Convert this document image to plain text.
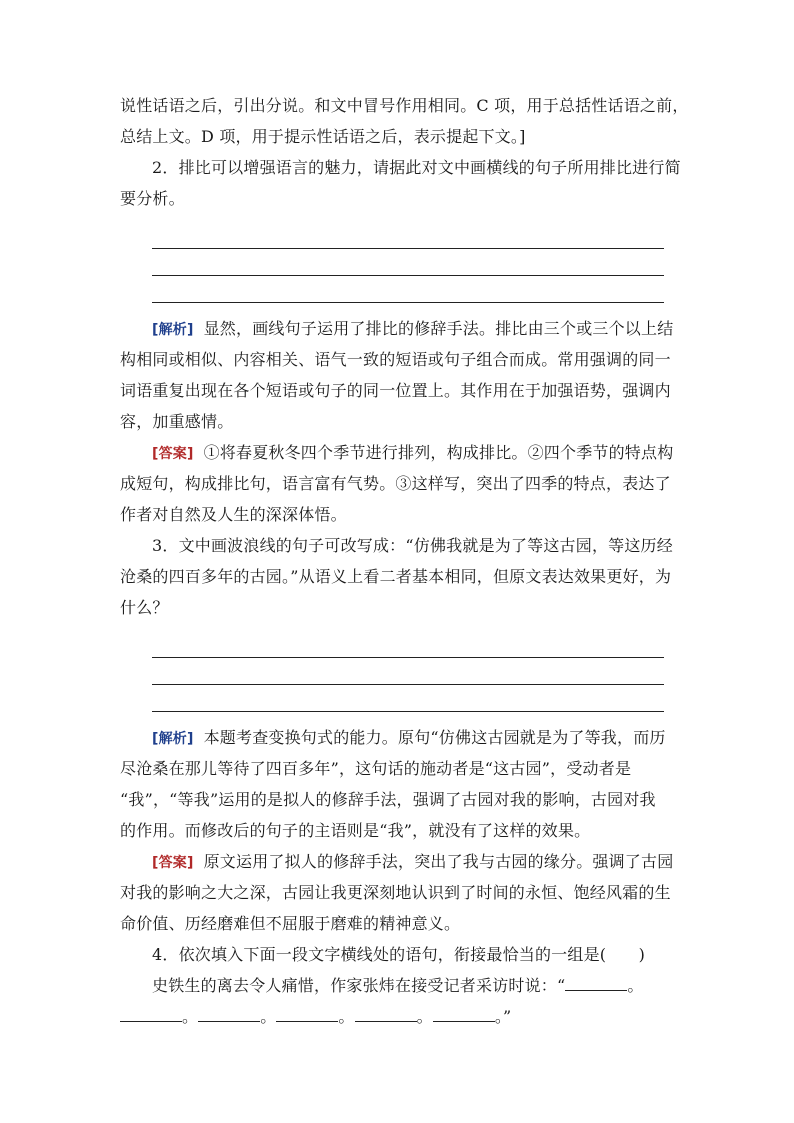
说性话语之后，引出分说。和文中冒号作用相同。C 项，用于总括性话语之前，
总结上文。D 项，用于提示性话语之后，表示提起下文。]
2．排比可以增强语言的魅力，请据此对文中画横线的句子所用排比进行简
要分析。
[解析] 显然，画线句子运用了排比的修辞手法。排比由三个或三个以上结
构相同或相似、内容相关、语气一致的短语或句子组合而成。常用强调的同一
词语重复出现在各个短语或句子的同一位置上。其作用在于加强语势，强调内
容，加重感情。
[答案] ①将春夏秋冬四个季节进行排列，构成排比。②四个季节的特点构
成短句，构成排比句，语言富有气势。③这样写，突出了四季的特点，表达了
作者对自然及人生的深深体悟。
3．文中画波浪线的句子可改写成：“仿佛我就是为了等这古园，等这历经
沧桑的四百多年的古园。”从语义上看二者基本相同，但原文表达效果更好，为
什么？
[解析] 本题考查变换句式的能力。原句“仿佛这古园就是为了等我，而历
尽沧桑在那儿等待了四百多年”，这句话的施动者是“这古园”，受动者是
“我”，“等我”运用的是拟人的修辞手法，强调了古园对我的影响，古园对我
的作用。而修改后的句子的主语则是“我”，就没有了这样的效果。
[答案] 原文运用了拟人的修辞手法，突出了我与古园的缘分。强调了古园
对我的影响之大之深，古园让我更深刻地认识到了时间的永恒、饱经风霜的生
命价值、历经磨难但不屈服于磨难的精神意义。
4．依次填入下面一段文字横线处的语句，衔接最恰当的一组是(　　)
史铁生的离去令人痛惜，作家张炜在接受记者采访时说：“	。
。	。	。	。	。”
